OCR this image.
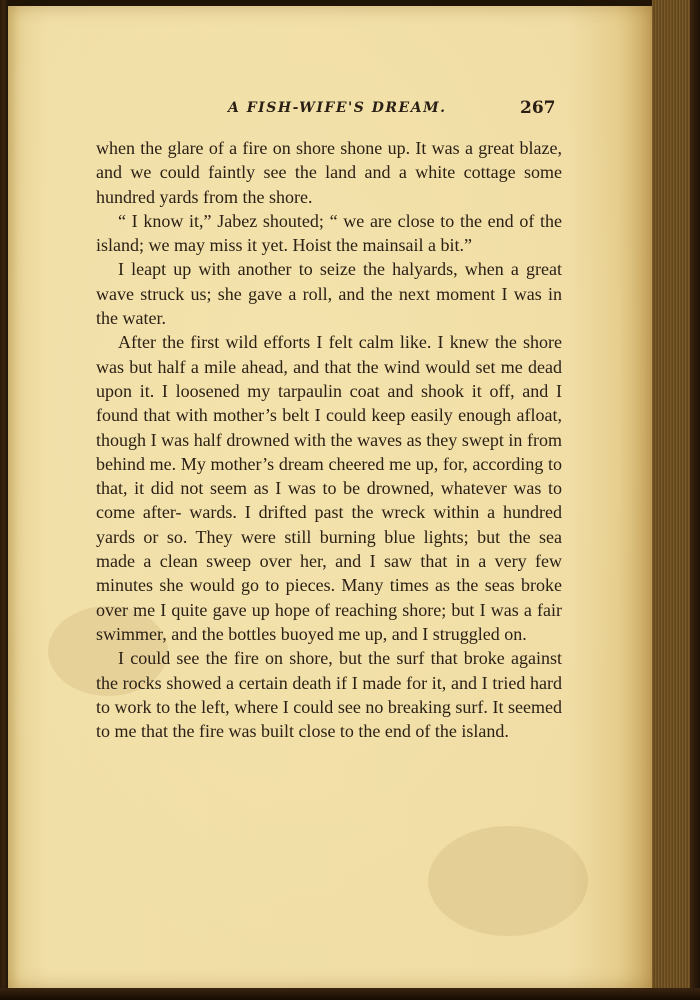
A FISH-WIFE'S DREAM.	267

when the glare of a fire on shore shone up. It was a great blaze, and we could faintly see the land and a white cottage some hundred yards from the shore.

“ I know it,” Jabez shouted; “ we are close to the end of the island; we may miss it yet. Hoist the mainsail a bit.”

I leapt up with another to seize the halyards, when a great wave struck us; she gave a roll, and the next moment I was in the water.

After the first wild efforts I felt calm like. I knew the shore was but half a mile ahead, and that the wind would set me dead upon it. I loosened my tarpaulin coat and shook it off, and I found that with mother’s belt I could keep easily enough afloat, though I was half drowned with the waves as they swept in from behind me. My mother’s dream cheered me up, for, according to that, it did not seem as I was to be drowned, whatever was to come after- wards. I drifted past the wreck within a hundred yards or so. They were still burning blue lights; but the sea made a clean sweep over her, and I saw that in a very few minutes she would go to pieces. Many times as the seas broke over me I quite gave up hope of reaching shore; but I was a fair swimmer, and the bottles buoyed me up, and I struggled on.

I could see the fire on shore, but the surf that broke against the rocks showed a certain death if I made for it, and I tried hard to work to the left, where I could see no breaking surf. It seemed to me that the fire was built close to the end of the island.
